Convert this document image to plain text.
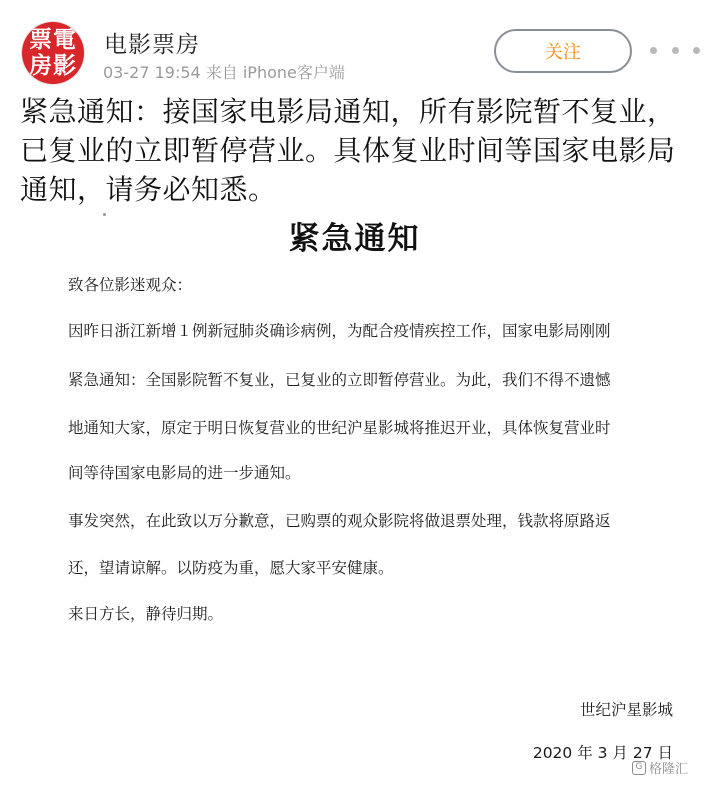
票 電
房 影
电影票房
03-27 19:54 来自 iPhone客户端
关注
紧急通知：接国家电影局通知，所有影院暂不复业，
已复业的立即暂停营业。具体复业时间等国家电影局
通知，请务必知悉。
紧急通知
致各位影迷观众：
因昨日浙江新增１例新冠肺炎确诊病例，为配合疫情疾控工作，国家电影局刚刚
紧急通知：全国影院暂不复业，已复业的立即暂停营业。为此，我们不得不遗憾
地通知大家，原定于明日恢复营业的世纪沪星影城将推迟开业，具体恢复营业时
间等待国家电影局的进一步通知。
事发突然，在此致以万分歉意，已购票的观众影院将做退票处理，钱款将原路返
还，望请谅解。以防疫为重，愿大家平安健康。
来日方长，静待归期。
世纪沪星影城
2020 年 3 月 27 日
G 格隆汇
